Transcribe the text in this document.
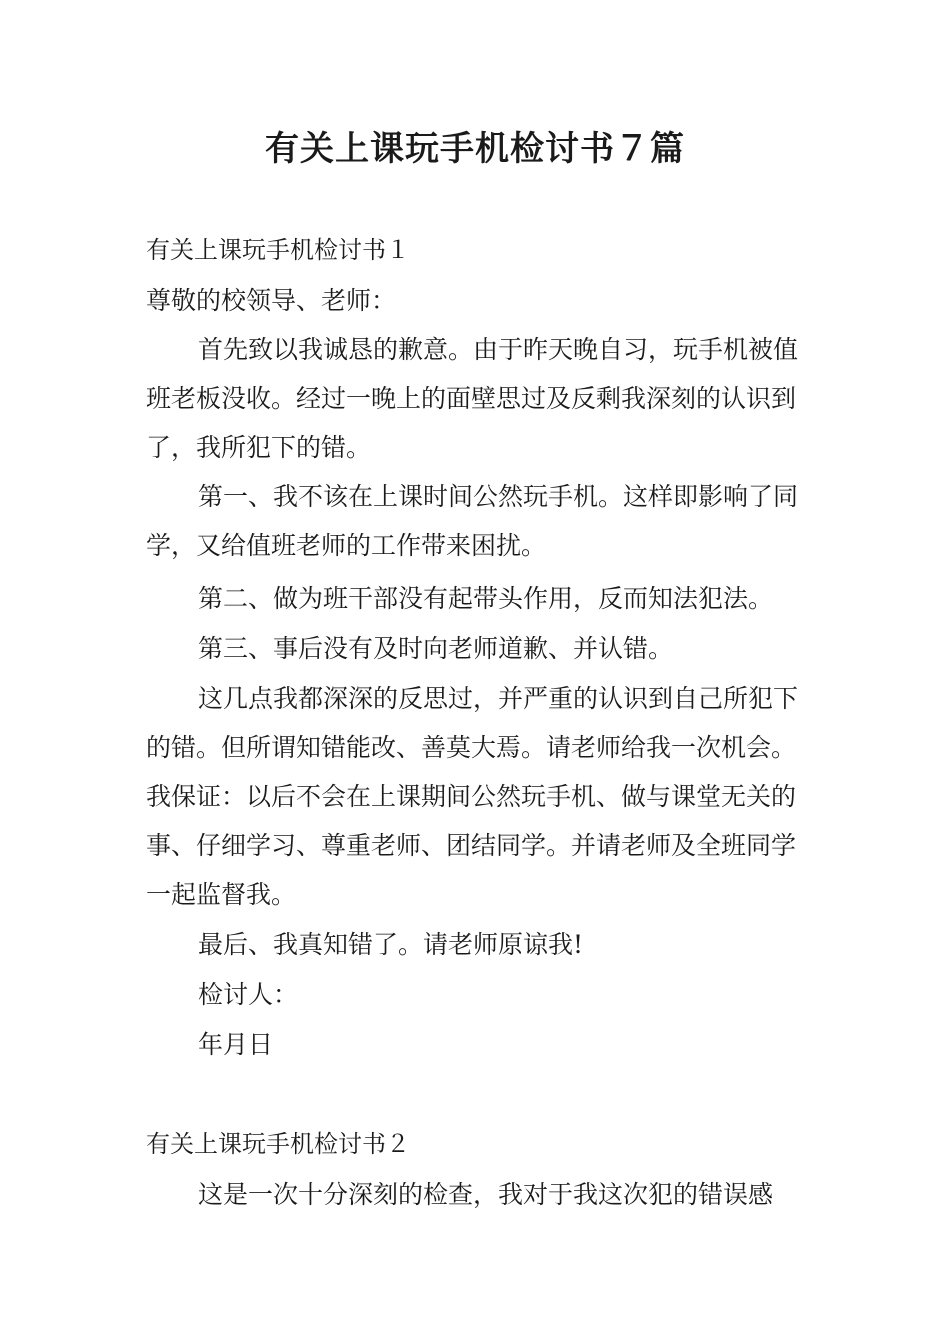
有关上课玩手机检讨书７篇
有关上课玩手机检讨书１

尊敬的校领导、老师：

首先致以我诚恳的歉意。由于昨天晚自习，玩手机被值班老板没收。经过一晚上的面壁思过及反剩我深刻的认识到了，我所犯下的错。

第一、我不该在上课时间公然玩手机。这样即影响了同学，又给值班老师的工作带来困扰。

第二、做为班干部没有起带头作用，反而知法犯法。

第三、事后没有及时向老师道歉、并认错。

这几点我都深深的反思过，并严重的认识到自己所犯下的错。但所谓知错能改、善莫大焉。请老师给我一次机会。我保证：以后不会在上课期间公然玩手机、做与课堂无关的事、仔细学习、尊重老师、团结同学。并请老师及全班同学一起监督我。

最后、我真知错了。请老师原谅我!

检讨人：

年月日

有关上课玩手机检讨书２

这是一次十分深刻的检查，我对于我这次犯的错误感
